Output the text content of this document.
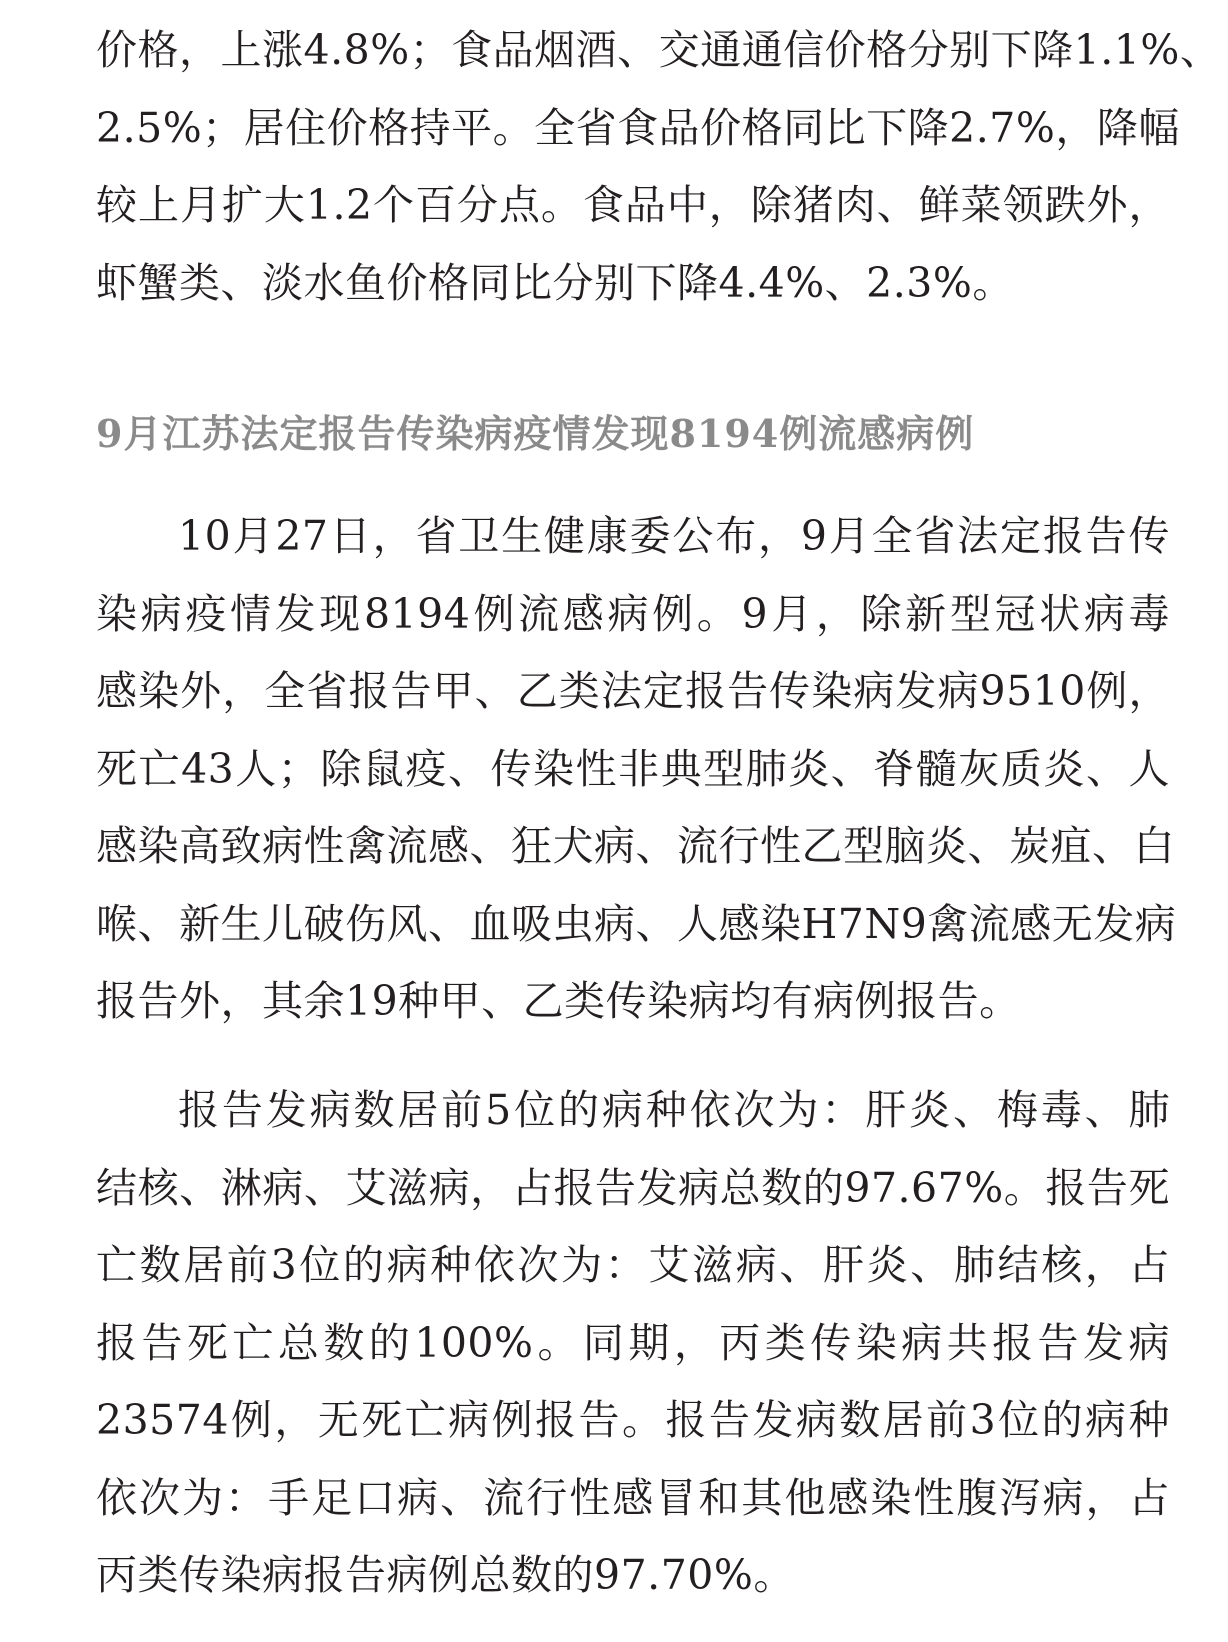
价格，上涨4.8%；食品烟酒、交通通信价格分别下降1.1%、
2.5%；居住价格持平。全省食品价格同比下降2.7%，降幅
较上月扩大1.2个百分点。食品中，除猪肉、鲜菜领跌外，
虾蟹类、淡水鱼价格同比分别下降4.4%、2.3%。
9月江苏法定报告传染病疫情发现8194例流感病例
10月27日，省卫生健康委公布，9月全省法定报告传
染病疫情发现8194例流感病例。9月，除新型冠状病毒
感染外，全省报告甲、乙类法定报告传染病发病9510例，
死亡43人；除鼠疫、传染性非典型肺炎、脊髓灰质炎、人
感染高致病性禽流感、狂犬病、流行性乙型脑炎、炭疽、白
喉、新生儿破伤风、血吸虫病、人感染H7N9禽流感无发病
报告外，其余19种甲、乙类传染病均有病例报告。
报告发病数居前5位的病种依次为：肝炎、梅毒、肺
结核、淋病、艾滋病，占报告发病总数的97.67%。报告死
亡数居前3位的病种依次为：艾滋病、肝炎、肺结核，占
报告死亡总数的100%。同期，丙类传染病共报告发病
23574例，无死亡病例报告。报告发病数居前3位的病种
依次为：手足口病、流行性感冒和其他感染性腹泻病，占
丙类传染病报告病例总数的97.70%。
